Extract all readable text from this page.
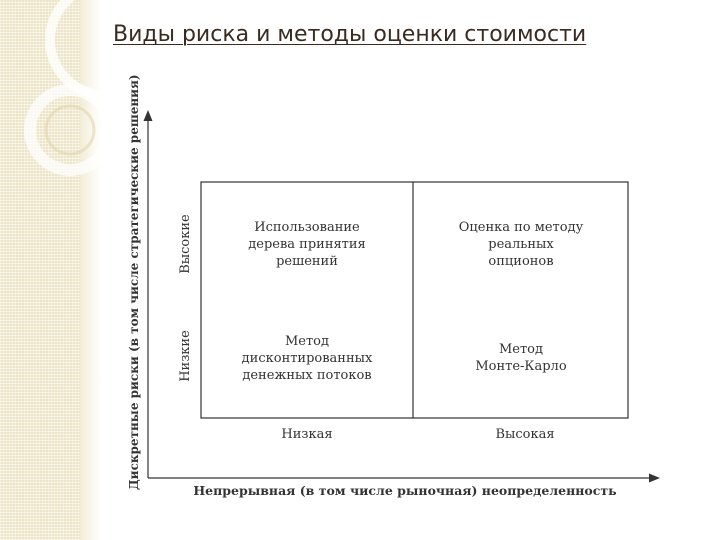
Виды риска и методы оценки стоимости
Дискретные риски (в том числе стратегические решения)	Высокие
Низкие
Использование
дерева принятия
решений
Оценка по методу
реальных
опционов
Метод
дисконтированных
денежных потоков
Метод
Монте-Карло
Низкая	Высокая
Непрерывная (в том числе рыночная) неопределенность
